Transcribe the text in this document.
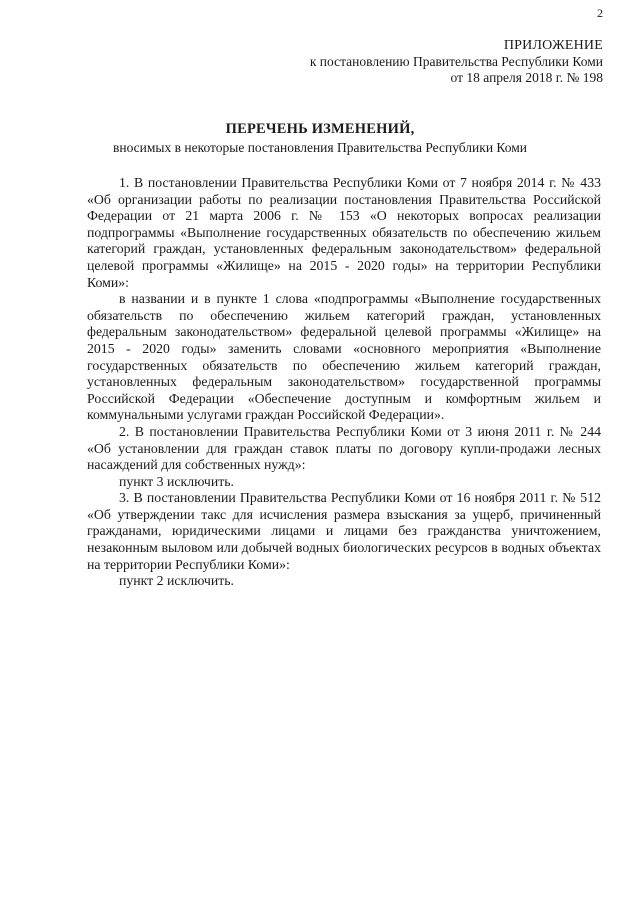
2
ПРИЛОЖЕНИЕ
к постановлению Правительства Республики Коми
от 18 апреля 2018 г. № 198
ПЕРЕЧЕНЬ ИЗМЕНЕНИЙ,
вносимых в некоторые постановления Правительства Республики Коми

1. В постановлении Правительства Республики Коми от 7 ноября 2014 г. № 433 «Об организации работы по реализации постановления Правительства Российской Федерации от 21 марта 2006 г. № 153 «О некоторых вопросах реализации подпрограммы «Выполнение государственных обязательств по обеспечению жильем категорий граждан, установленных федеральным законодательством» федеральной целевой программы «Жилище» на 2015 - 2020 годы» на территории Республики Коми»:

в названии и в пункте 1 слова «подпрограммы «Выполнение государственных обязательств по обеспечению жильем категорий граждан, установленных федеральным законодательством» федеральной целевой программы «Жилище» на 2015 - 2020 годы» заменить словами «основного мероприятия «Выполнение государственных обязательств по обеспечению жильем категорий граждан, установленных федеральным законодательством» государственной программы Российской Федерации «Обеспечение доступным и комфортным жильем и коммунальными услугами граждан Российской Федерации».

2. В постановлении Правительства Республики Коми от 3 июня 2011 г. № 244 «Об установлении для граждан ставок платы по договору купли-продажи лесных насаждений для собственных нужд»:

пункт 3 исключить.

3. В постановлении Правительства Республики Коми от 16 ноября 2011 г. № 512 «Об утверждении такс для исчисления размера взыскания за ущерб, причиненный гражданами, юридическими лицами и лицами без гражданства уничтожением, незаконным выловом или добычей водных биологических ресурсов в водных объектах на территории Республики Коми»:

пункт 2 исключить.
